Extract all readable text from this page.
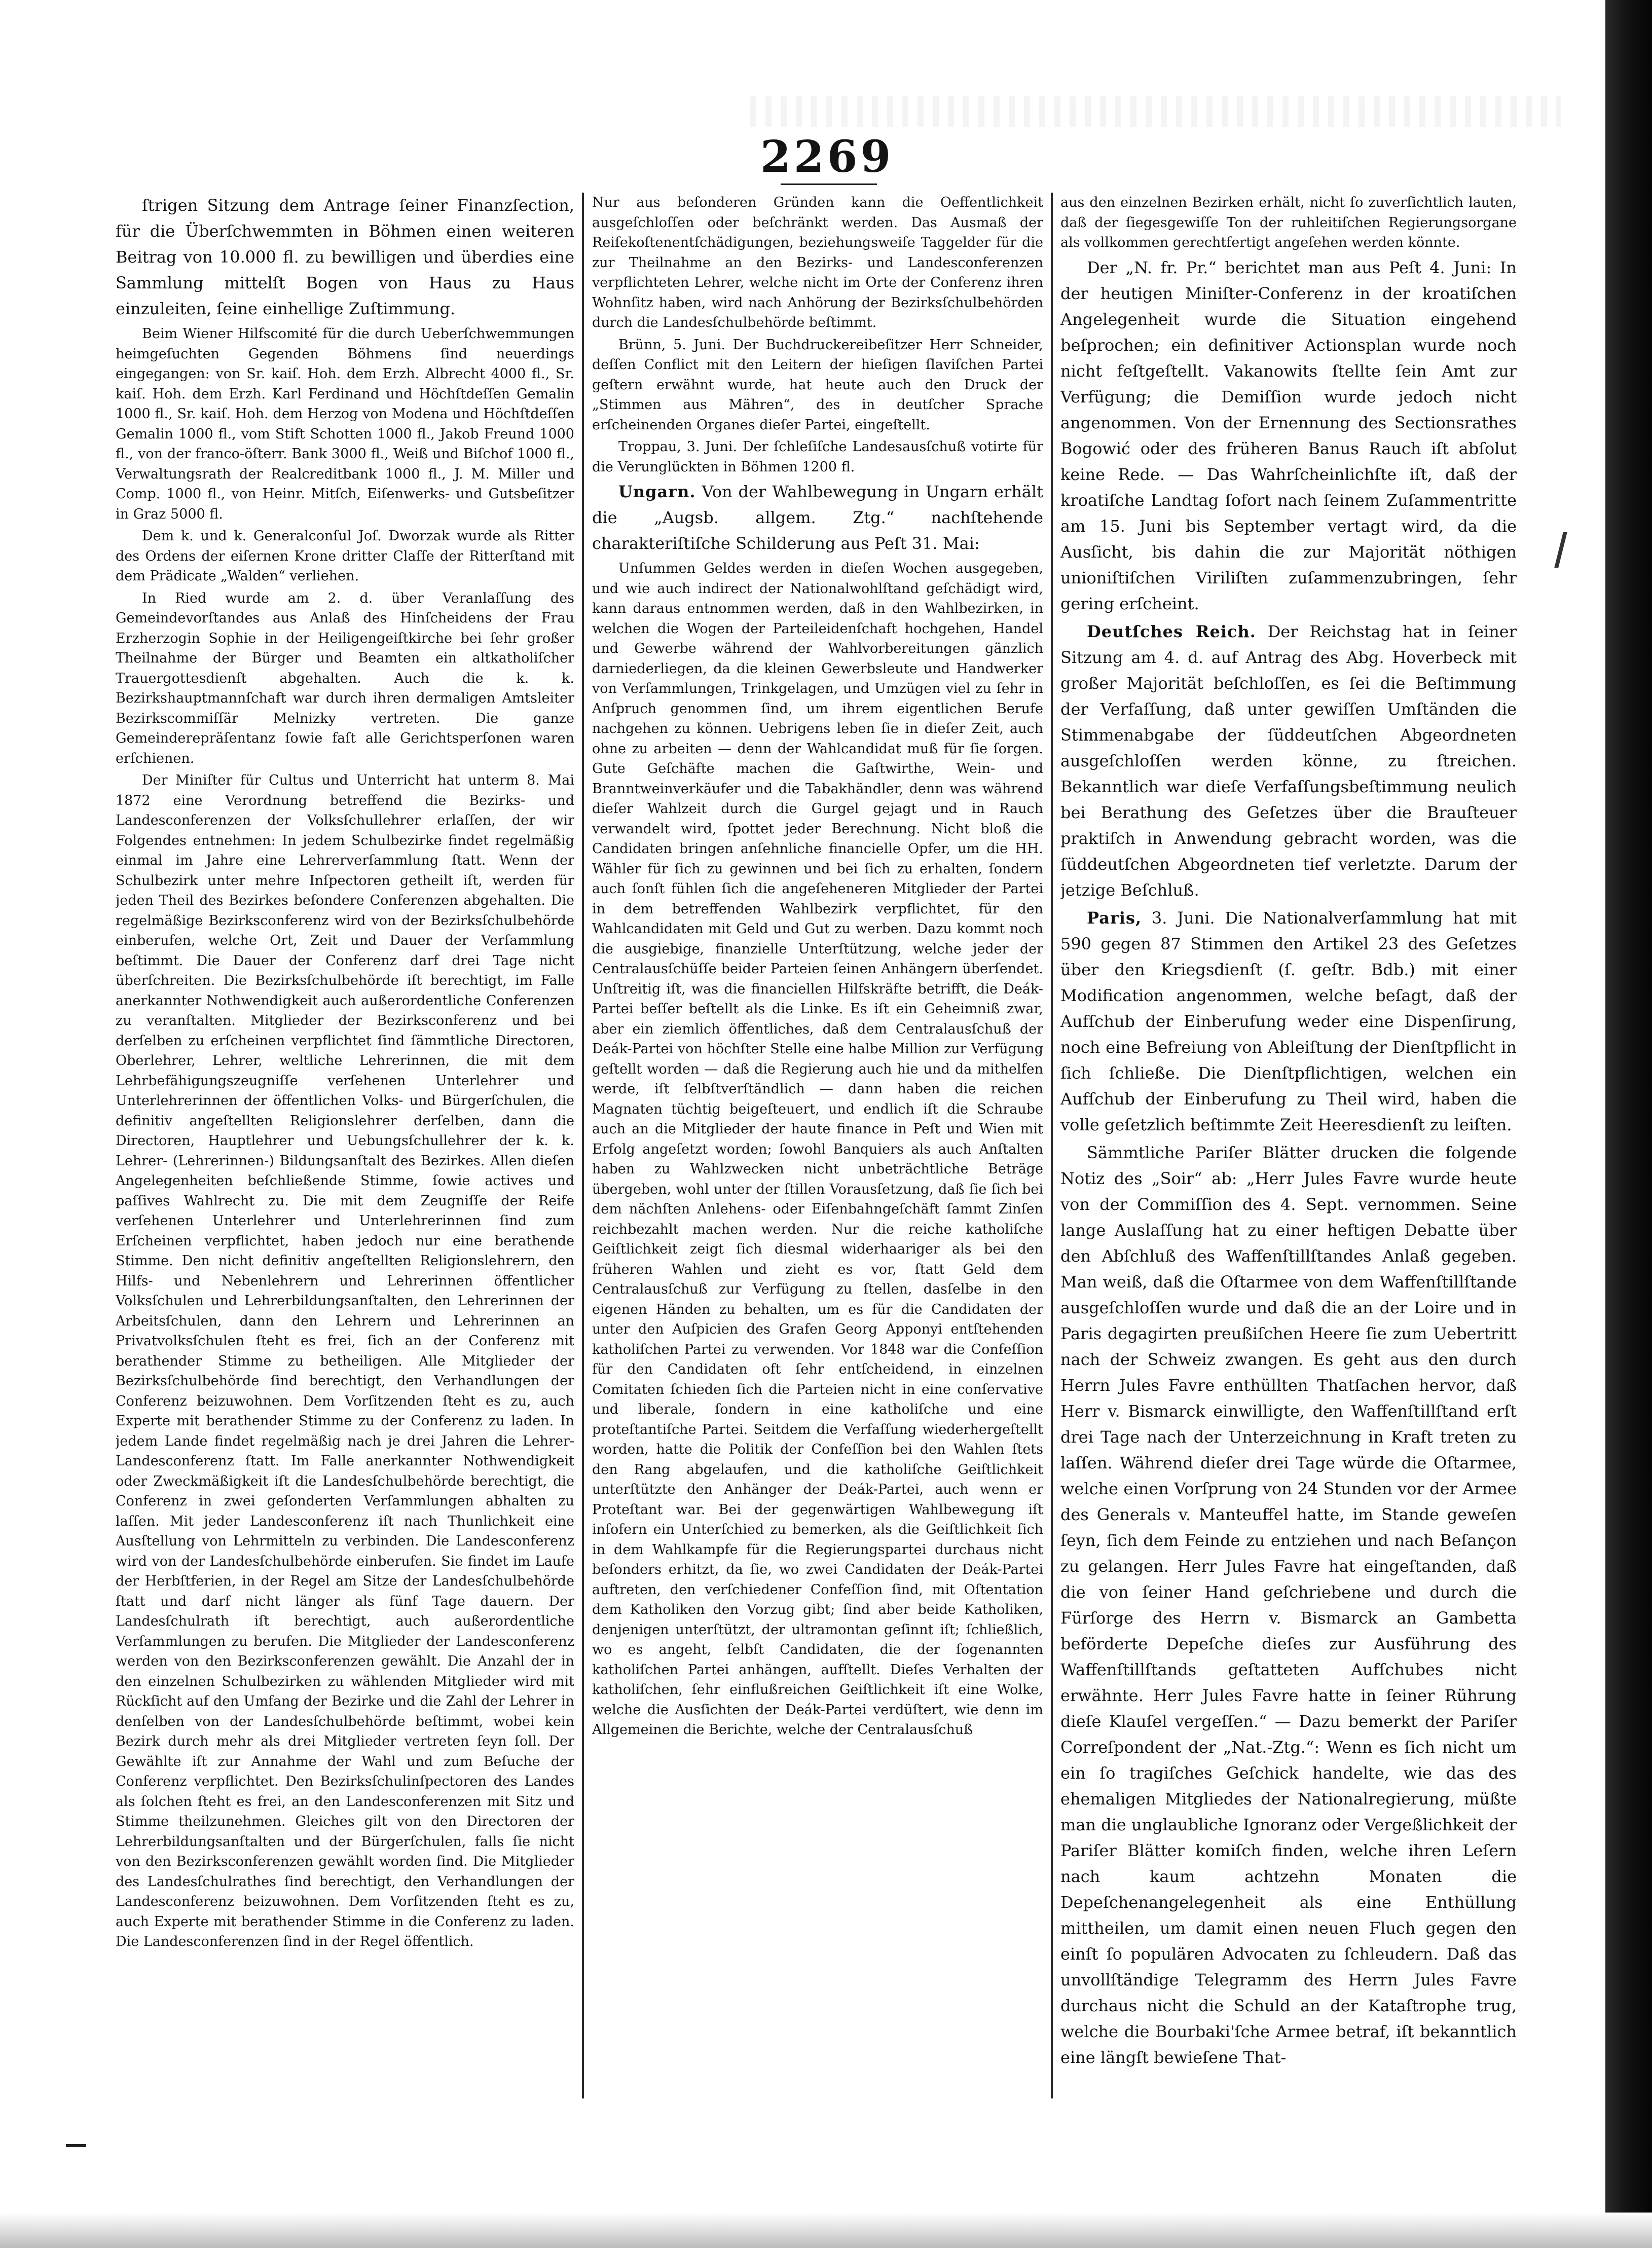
2269

ſtrigen Sitzung dem Antrage ſeiner Finanzſection, für die Überſchwemmten in Böhmen einen weiteren Beitrag von 10.000 fl. zu bewilligen und überdies eine Sammlung mittelſt Bogen von Haus zu Haus einzuleiten, ſeine einhellige Zuſtimmung.

Beim Wiener Hilfscomité für die durch Ueberſchwemmungen heimgeſuchten Gegenden Böhmens ſind neuerdings eingegangen: von Sr. kaiſ. Hoh. dem Erzh. Albrecht 4000 fl., Sr. kaiſ. Hoh. dem Erzh. Karl Ferdinand und Höchſtdeſſen Gemalin 1000 fl., Sr. kaiſ. Hoh. dem Herzog von Modena und Höchſtdeſſen Gemalin 1000 fl., vom Stift Schotten 1000 fl., Jakob Freund 1000 fl., von der franco-öſterr. Bank 3000 fl., Weiß und Biſchof 1000 fl., Verwaltungsrath der Realcreditbank 1000 fl., J. M. Miller und Comp. 1000 fl., von Heinr. Mitſch, Eiſenwerks- und Gutsbeſitzer in Graz 5000 fl.

Dem k. und k. Generalconſul Joſ. Dworzak wurde als Ritter des Ordens der eiſernen Krone dritter Claſſe der Ritterſtand mit dem Prädicate „Walden“ verliehen.

In Ried wurde am 2. d. über Veranlaſſung des Gemeindevorſtandes aus Anlaß des Hinſcheidens der Frau Erzherzogin Sophie in der Heiligengeiſtkirche bei ſehr großer Theilnahme der Bürger und Beamten ein altkatholiſcher Trauergottesdienſt abgehalten. Auch die k. k. Bezirkshauptmannſchaft war durch ihren dermaligen Amtsleiter Bezirkscommiſſär Melnizky vertreten. Die ganze Gemeinderepräſentanz ſowie faſt alle Gerichtsperſonen waren erſchienen.

Der Miniſter für Cultus und Unterricht hat unterm 8. Mai 1872 eine Verordnung betreffend die Bezirks- und Landesconferenzen der Volksſchullehrer erlaſſen, der wir Folgendes entnehmen: In jedem Schulbezirke findet regelmäßig einmal im Jahre eine Lehrerverſammlung ſtatt. Wenn der Schulbezirk unter mehre Inſpectoren getheilt iſt, werden für jeden Theil des Bezirkes beſondere Conferenzen abgehalten. Die regelmäßige Bezirksconferenz wird von der Bezirksſchulbehörde einberufen, welche Ort, Zeit und Dauer der Verſammlung beſtimmt. Die Dauer der Conferenz darf drei Tage nicht überſchreiten. Die Bezirksſchulbehörde iſt berechtigt, im Falle anerkannter Nothwendigkeit auch außerordentliche Conferenzen zu veranſtalten. Mitglieder der Bezirksconferenz und bei derſelben zu erſcheinen verpflichtet ſind ſämmtliche Directoren, Oberlehrer, Lehrer, weltliche Lehrerinnen, die mit dem Lehrbefähigungszeugniſſe verſehenen Unterlehrer und Unterlehrerinnen der öffentlichen Volks- und Bürgerſchulen, die definitiv angeſtellten Religionslehrer derſelben, dann die Directoren, Hauptlehrer und Uebungsſchullehrer der k. k. Lehrer- (Lehrerinnen-) Bildungsanſtalt des Bezirkes. Allen dieſen Angelegenheiten beſchließende Stimme, ſowie actives und paſſives Wahlrecht zu. Die mit dem Zeugniſſe der Reife verſehenen Unterlehrer und Unterlehrerinnen ſind zum Erſcheinen verpflichtet, haben jedoch nur eine berathende Stimme. Den nicht definitiv angeſtellten Religionslehrern, den Hilfs- und Nebenlehrern und Lehrerinnen öffentlicher Volksſchulen und Lehrerbildungsanſtalten, den Lehrerinnen der Arbeitsſchulen, dann den Lehrern und Lehrerinnen an Privatvolksſchulen ſteht es frei, ſich an der Conferenz mit berathender Stimme zu betheiligen. Alle Mitglieder der Bezirksſchulbehörde ſind berechtigt, den Verhandlungen der Conferenz beizuwohnen. Dem Vorſitzenden ſteht es zu, auch Experte mit berathender Stimme zu der Conferenz zu laden. In jedem Lande findet regelmäßig nach je drei Jahren die Lehrer-Landesconferenz ſtatt. Im Falle anerkannter Nothwendigkeit oder Zweckmäßigkeit iſt die Landesſchulbehörde berechtigt, die Conferenz in zwei geſonderten Verſammlungen abhalten zu laſſen. Mit jeder Landesconferenz iſt nach Thunlichkeit eine Ausſtellung von Lehrmitteln zu verbinden. Die Landesconferenz wird von der Landesſchulbehörde einberufen. Sie findet im Laufe der Herbſtferien, in der Regel am Sitze der Landesſchulbehörde ſtatt und darf nicht länger als fünf Tage dauern. Der Landesſchulrath iſt berechtigt, auch außerordentliche Verſammlungen zu berufen. Die Mitglieder der Landesconferenz werden von den Bezirksconferenzen gewählt. Die Anzahl der in den einzelnen Schulbezirken zu wählenden Mitglieder wird mit Rückſicht auf den Umfang der Bezirke und die Zahl der Lehrer in denſelben von der Landesſchulbehörde beſtimmt, wobei kein Bezirk durch mehr als drei Mitglieder vertreten ſeyn ſoll. Der Gewählte iſt zur Annahme der Wahl und zum Beſuche der Conferenz verpflichtet. Den Bezirksſchulinſpectoren des Landes als ſolchen ſteht es frei, an den Landesconferenzen mit Sitz und Stimme theilzunehmen. Gleiches gilt von den Directoren der Lehrerbildungsanſtalten und der Bürgerſchulen, falls ſie nicht von den Bezirksconferenzen gewählt worden ſind. Die Mitglieder des Landesſchulrathes ſind berechtigt, den Verhandlungen der Landesconferenz beizuwohnen. Dem Vorſitzenden ſteht es zu, auch Experte mit berathender Stimme in die Conferenz zu laden. Die Landesconferenzen ſind in der Regel öffentlich.

Nur aus beſonderen Gründen kann die Oeffentlichkeit ausgeſchloſſen oder beſchränkt werden. Das Ausmaß der Reiſekoſtenentſchädigungen, beziehungsweiſe Taggelder für die zur Theilnahme an den Bezirks- und Landesconferenzen verpflichteten Lehrer, welche nicht im Orte der Conferenz ihren Wohnſitz haben, wird nach Anhörung der Bezirksſchulbehörden durch die Landesſchulbehörde beſtimmt.

Brünn, 5. Juni. Der Buchdruckereibeſitzer Herr Schneider, deſſen Conflict mit den Leitern der hieſigen ſlaviſchen Partei geſtern erwähnt wurde, hat heute auch den Druck der „Stimmen aus Mähren“, des in deutſcher Sprache erſcheinenden Organes dieſer Partei, eingeſtellt.

Troppau, 3. Juni. Der ſchleſiſche Landesausſchuß votirte für die Verunglückten in Böhmen 1200 fl.

Ungarn. Von der Wahlbewegung in Ungarn erhält die „Augsb. allgem. Ztg.“ nachſtehende charakteriſtiſche Schilderung aus Peſt 31. Mai:

Unſummen Geldes werden in dieſen Wochen ausgegeben, und wie auch indirect der Nationalwohlſtand geſchädigt wird, kann daraus entnommen werden, daß in den Wahlbezirken, in welchen die Wogen der Parteileidenſchaft hochgehen, Handel und Gewerbe während der Wahlvorbereitungen gänzlich darniederliegen, da die kleinen Gewerbsleute und Handwerker von Verſammlungen, Trinkgelagen, und Umzügen viel zu ſehr in Anſpruch genommen ſind, um ihrem eigentlichen Berufe nachgehen zu können. Uebrigens leben ſie in dieſer Zeit, auch ohne zu arbeiten — denn der Wahlcandidat muß für ſie ſorgen. Gute Geſchäfte machen die Gaſtwirthe, Wein- und Branntweinverkäufer und die Tabakhändler, denn was während dieſer Wahlzeit durch die Gurgel gejagt und in Rauch verwandelt wird, ſpottet jeder Berechnung. Nicht bloß die Candidaten bringen anſehnliche financielle Opfer, um die HH. Wähler für ſich zu gewinnen und bei ſich zu erhalten, ſondern auch ſonſt fühlen ſich die angeſeheneren Mitglieder der Partei in dem betreffenden Wahlbezirk verpflichtet, für den Wahlcandidaten mit Geld und Gut zu werben. Dazu kommt noch die ausgiebige, finanzielle Unterſtützung, welche jeder der Centralausſchüſſe beider Parteien ſeinen Anhängern überſendet. Unſtreitig iſt, was die financiellen Hilfskräfte betrifft, die Deák-Partei beſſer beſtellt als die Linke. Es iſt ein Geheimniß zwar, aber ein ziemlich öffentliches, daß dem Centralausſchuß der Deák-Partei von höchſter Stelle eine halbe Million zur Verfügung geſtellt worden — daß die Regierung auch hie und da mithelfen werde, iſt ſelbſtverſtändlich — dann haben die reichen Magnaten tüchtig beigeſteuert, und endlich iſt die Schraube auch an die Mitglieder der haute finance in Peſt und Wien mit Erfolg angeſetzt worden; ſowohl Banquiers als auch Anſtalten haben zu Wahlzwecken nicht unbeträchtliche Beträge übergeben, wohl unter der ſtillen Vorausſetzung, daß ſie ſich bei dem nächſten Anlehens- oder Eiſenbahngeſchäft ſammt Zinſen reichbezahlt machen werden. Nur die reiche katholiſche Geiſtlichkeit zeigt ſich diesmal widerhaariger als bei den früheren Wahlen und zieht es vor, ſtatt Geld dem Centralausſchuß zur Verfügung zu ſtellen, dasſelbe in den eigenen Händen zu behalten, um es für die Candidaten der unter den Auſpicien des Grafen Georg Apponyi entſtehenden katholiſchen Partei zu verwenden. Vor 1848 war die Confeſſion für den Candidaten oft ſehr entſcheidend, in einzelnen Comitaten ſchieden ſich die Parteien nicht in eine conſervative und liberale, ſondern in eine katholiſche und eine proteſtantiſche Partei. Seitdem die Verfaſſung wiederhergeſtellt worden, hatte die Politik der Confeſſion bei den Wahlen ſtets den Rang abgelaufen, und die katholiſche Geiſtlichkeit unterſtützte den Anhänger der Deák-Partei, auch wenn er Proteſtant war. Bei der gegenwärtigen Wahlbewegung iſt inſofern ein Unterſchied zu bemerken, als die Geiſtlichkeit ſich in dem Wahlkampfe für die Regierungspartei durchaus nicht beſonders erhitzt, da ſie, wo zwei Candidaten der Deák-Partei auftreten, den verſchiedener Confeſſion ſind, mit Oſtentation dem Katholiken den Vorzug gibt; ſind aber beide Katholiken, denjenigen unterſtützt, der ultramontan geſinnt iſt; ſchließlich, wo es angeht, ſelbſt Candidaten, die der ſogenannten katholiſchen Partei anhängen, aufſtellt. Dieſes Verhalten der katholiſchen, ſehr einflußreichen Geiſtlichkeit iſt eine Wolke, welche die Ausſichten der Deák-Partei verdüſtert, wie denn im Allgemeinen die Berichte, welche der Centralausſchuß

aus den einzelnen Bezirken erhält, nicht ſo zuverſichtlich lauten, daß der ſiegesgewiſſe Ton der ruhleitiſchen Regierungsorgane als vollkommen gerechtfertigt angeſehen werden könnte.

Der „N. fr. Pr.“ berichtet man aus Peſt 4. Juni: In der heutigen Miniſter-Conferenz in der kroatiſchen Angelegenheit wurde die Situation eingehend beſprochen; ein definitiver Actionsplan wurde noch nicht feſtgeſtellt. Vakanowits ſtellte ſein Amt zur Verfügung; die Demiſſion wurde jedoch nicht angenommen. Von der Ernennung des Sectionsrathes Bogowić oder des früheren Banus Rauch iſt abſolut keine Rede. — Das Wahrſcheinlichſte iſt, daß der kroatiſche Landtag ſofort nach ſeinem Zuſammentritte am 15. Juni bis September vertagt wird, da die Ausſicht, bis dahin die zur Majorität nöthigen unioniſtiſchen Viriliſten zuſammenzubringen, ſehr gering erſcheint.

Deutſches Reich. Der Reichstag hat in ſeiner Sitzung am 4. d. auf Antrag des Abg. Hoverbeck mit großer Majorität beſchloſſen, es ſei die Beſtimmung der Verfaſſung, daß unter gewiſſen Umſtänden die Stimmenabgabe der ſüddeutſchen Abgeordneten ausgeſchloſſen werden könne, zu ſtreichen. Bekanntlich war dieſe Verfaſſungsbeſtimmung neulich bei Berathung des Geſetzes über die Brauſteuer praktiſch in Anwendung gebracht worden, was die ſüddeutſchen Abgeordneten tief verletzte. Darum der jetzige Beſchluß.

Paris, 3. Juni. Die Nationalverſammlung hat mit 590 gegen 87 Stimmen den Artikel 23 des Geſetzes über den Kriegsdienſt (ſ. geſtr. Bdb.) mit einer Modification angenommen, welche beſagt, daß der Aufſchub der Einberufung weder eine Dispenſirung, noch eine Befreiung von Ableiſtung der Dienſtpflicht in ſich ſchließe. Die Dienſtpflichtigen, welchen ein Aufſchub der Einberufung zu Theil wird, haben die volle geſetzlich beſtimmte Zeit Heeresdienſt zu leiſten.

Sämmtliche Pariſer Blätter drucken die folgende Notiz des „Soir“ ab: „Herr Jules Favre wurde heute von der Commiſſion des 4. Sept. vernommen. Seine lange Auslaſſung hat zu einer heftigen Debatte über den Abſchluß des Waffenſtillſtandes Anlaß gegeben. Man weiß, daß die Oſtarmee von dem Waffenſtillſtande ausgeſchloſſen wurde und daß die an der Loire und in Paris degagirten preußiſchen Heere ſie zum Uebertritt nach der Schweiz zwangen. Es geht aus den durch Herrn Jules Favre enthüllten Thatſachen hervor, daß Herr v. Bismarck einwilligte, den Waffenſtillſtand erſt drei Tage nach der Unterzeichnung in Kraft treten zu laſſen. Während dieſer drei Tage würde die Oſtarmee, welche einen Vorſprung von 24 Stunden vor der Armee des Generals v. Manteuffel hatte, im Stande geweſen ſeyn, ſich dem Feinde zu entziehen und nach Beſançon zu gelangen. Herr Jules Favre hat eingeſtanden, daß die von ſeiner Hand geſchriebene und durch die Fürſorge des Herrn v. Bismarck an Gambetta beförderte Depeſche dieſes zur Ausführung des Waffenſtillſtands geſtatteten Aufſchubes nicht erwähnte. Herr Jules Favre hatte in ſeiner Rührung dieſe Klauſel vergeſſen.“ — Dazu bemerkt der Pariſer Correſpondent der „Nat.-Ztg.“: Wenn es ſich nicht um ein ſo tragiſches Geſchick handelte, wie das des ehemaligen Mitgliedes der Nationalregierung, müßte man die unglaubliche Ignoranz oder Vergeßlichkeit der Pariſer Blätter komiſch finden, welche ihren Leſern nach kaum achtzehn Monaten die Depeſchenangelegenheit als eine Enthüllung mittheilen, um damit einen neuen Fluch gegen den einſt ſo populären Advocaten zu ſchleudern. Daß das unvollſtändige Telegramm des Herrn Jules Favre durchaus nicht die Schuld an der Kataſtrophe trug, welche die Bourbaki'ſche Armee betraf, iſt bekanntlich eine längſt bewieſene That-
